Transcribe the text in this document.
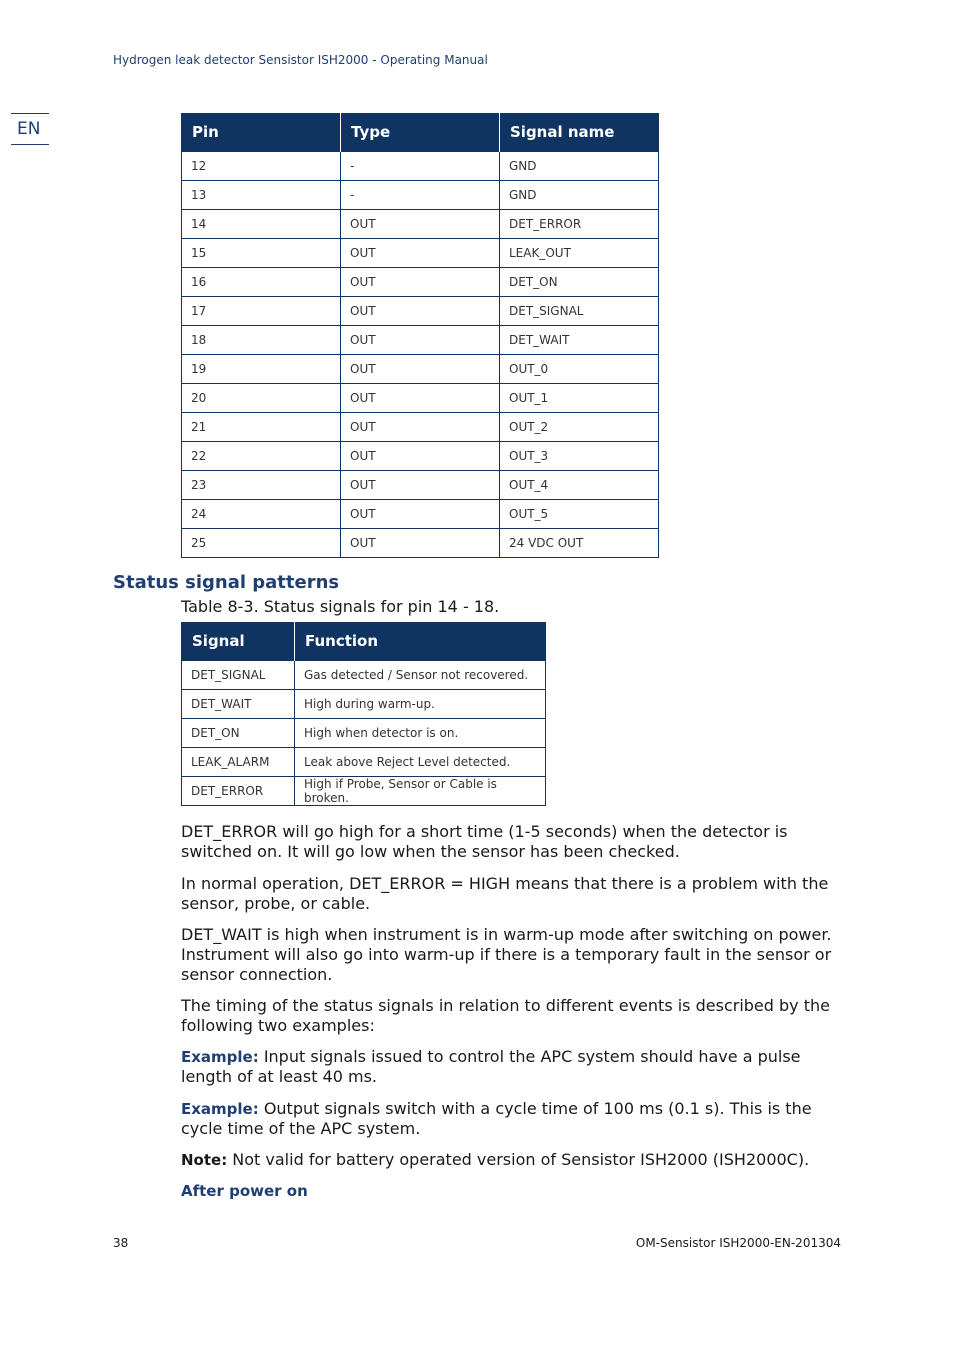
Hydrogen leak detector Sensistor ISH2000 - Operating Manual
EN	Pin	Type	Signal name
12	-	GND
13	-	GND
14	OUT	DET_ERROR
15	OUT	LEAK_OUT
16	OUT	DET_ON
17	OUT	DET_SIGNAL
18	OUT	DET_WAIT
19	OUT	OUT_0
20	OUT	OUT_1
21	OUT	OUT_2
22	OUT	OUT_3
23	OUT	OUT_4
24	OUT	OUT_5
25	OUT	24 VDC OUT
Status signal patterns
Table 8-3. Status signals for pin 14 - 18.
Signal	Function
DET_SIGNAL	Gas detected / Sensor not recovered.
DET_WAIT	High during warm-up.
DET_ON	High when detector is on.
LEAK_ALARM	Leak above Reject Level detected.
DET_ERROR	High if Probe, Sensor or Cable is broken.

DET_ERROR will go high for a short time (1-5 seconds) when the detector is switched on. It will go low when the sensor has been checked.

In normal operation, DET_ERROR = HIGH means that there is a problem with the sensor, probe, or cable.

DET_WAIT is high when instrument is in warm-up mode after switching on power. Instrument will also go into warm-up if there is a temporary fault in the sensor or sensor connection.

The timing of the status signals in relation to different events is described by the following two examples:

Example: Input signals issued to control the APC system should have a pulse length of at least 40 ms.

Example: Output signals switch with a cycle time of 100 ms (0.1 s). This is the cycle time of the APC system.

Note: Not valid for battery operated version of Sensistor ISH2000 (ISH2000C).

After power on
38	OM-Sensistor ISH2000-EN-201304
